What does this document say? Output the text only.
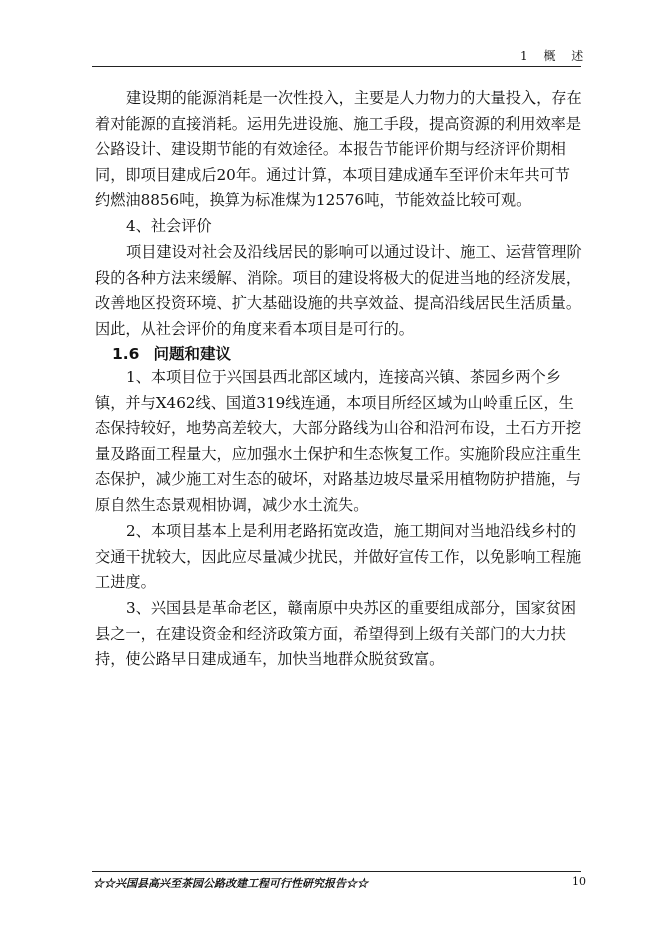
1 概 述

建设期的能源消耗是一次性投入，主要是人力物力的大量投入，存在着对能源的直接消耗。运用先进设施、施工手段，提高资源的利用效率是公路设计、建设期节能的有效途径。本报告节能评价期与经济评价期相同，即项目建成后20年。通过计算，本项目建成通车至评价末年共可节约燃油8856吨，换算为标准煤为12576吨，节能效益比较可观。

4、社会评价

项目建设对社会及沿线居民的影响可以通过设计、施工、运营管理阶段的各种方法来缓解、消除。项目的建设将极大的促进当地的经济发展，改善地区投资环境、扩大基础设施的共享效益、提高沿线居民生活质量。因此，从社会评价的角度来看本项目是可行的。

1.6 问题和建议

1、本项目位于兴国县西北部区域内，连接高兴镇、茶园乡两个乡镇，并与X462线、国道319线连通，本项目所经区域为山岭重丘区，生态保持较好，地势高差较大，大部分路线为山谷和沿河布设，土石方开挖量及路面工程量大，应加强水土保护和生态恢复工作。实施阶段应注重生态保护，减少施工对生态的破坏，对路基边坡尽量采用植物防护措施，与原自然生态景观相协调，减少水土流失。

2、本项目基本上是利用老路拓宽改造，施工期间对当地沿线乡村的交通干扰较大，因此应尽量减少扰民，并做好宣传工作，以免影响工程施工进度。

3、兴国县是革命老区，赣南原中央苏区的重要组成部分，国家贫困县之一，在建设资金和经济政策方面，希望得到上级有关部门的大力扶持，使公路早日建成通车，加快当地群众脱贫致富。

☆☆兴国县高兴至茶园公路改建工程可行性研究报告☆☆	10
